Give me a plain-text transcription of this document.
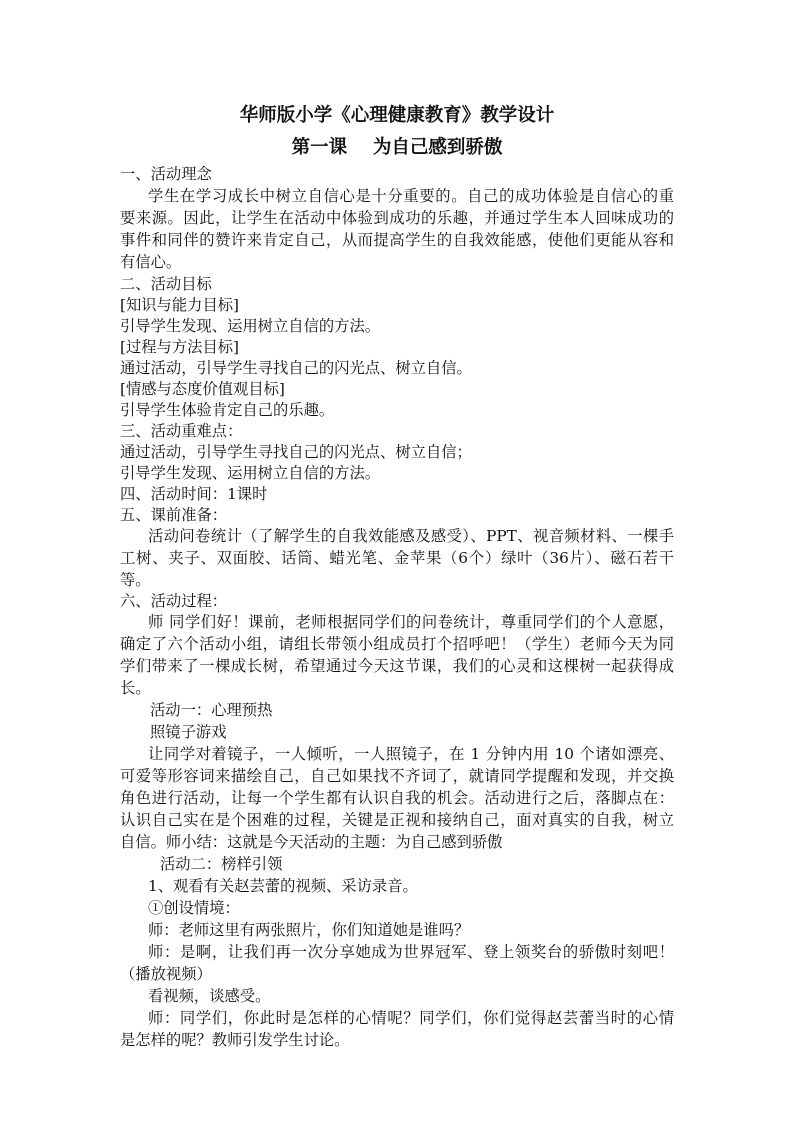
华师版小学《心理健康教育》教学设计
第一课    为自己感到骄傲
一、活动理念
学生在学习成长中树立自信心是十分重要的。自己的成功体验是自信心的重
要来源。因此，让学生在活动中体验到成功的乐趣，并通过学生本人回味成功的
事件和同伴的赞许来肯定自己，从而提高学生的自我效能感，使他们更能从容和
有信心。
二、活动目标
[知识与能力目标]
引导学生发现、运用树立自信的方法。
[过程与方法目标]
通过活动，引导学生寻找自己的闪光点、树立自信。
[情感与态度价值观目标]
引导学生体验肯定自己的乐趣。
三、活动重难点：
通过活动，引导学生寻找自己的闪光点、树立自信；
引导学生发现、运用树立自信的方法。
四、活动时间：1课时
五、课前准备：
活动问卷统计（了解学生的自我效能感及感受）、PPT、视音频材料、一棵手
工树、夹子、双面胶、话筒、蜡光笔、金苹果（6个）绿叶（36片）、磁石若干
等。
六、活动过程：
师 同学们好！课前，老师根据同学们的问卷统计，尊重同学们的个人意愿，
确定了六个活动小组，请组长带领小组成员打个招呼吧！（学生）老师今天为同
学们带来了一棵成长树，希望通过今天这节课，我们的心灵和这棵树一起获得成
长。
活动一：心理预热
照镜子游戏
让同学对着镜子，一人倾听，一人照镜子，在 1 分钟内用 10 个诸如漂亮、
可爱等形容词来描绘自己，自己如果找不齐词了，就请同学提醒和发现，并交换
角色进行活动，让每一个学生都有认识自我的机会。活动进行之后，落脚点在：
认识自己实在是个困难的过程，关键是正视和接纳自己，面对真实的自我，树立
自信。师小结：这就是今天活动的主题：为自己感到骄傲
活动二：榜样引领
1、观看有关赵芸蕾的视频、采访录音。
①创设情境：
师：老师这里有两张照片，你们知道她是谁吗？
师：是啊，让我们再一次分享她成为世界冠军、登上领奖台的骄傲时刻吧！
（播放视频）
看视频，谈感受。
师：同学们，你此时是怎样的心情呢？同学们，你们觉得赵芸蕾当时的心情
是怎样的呢？教师引发学生讨论。
